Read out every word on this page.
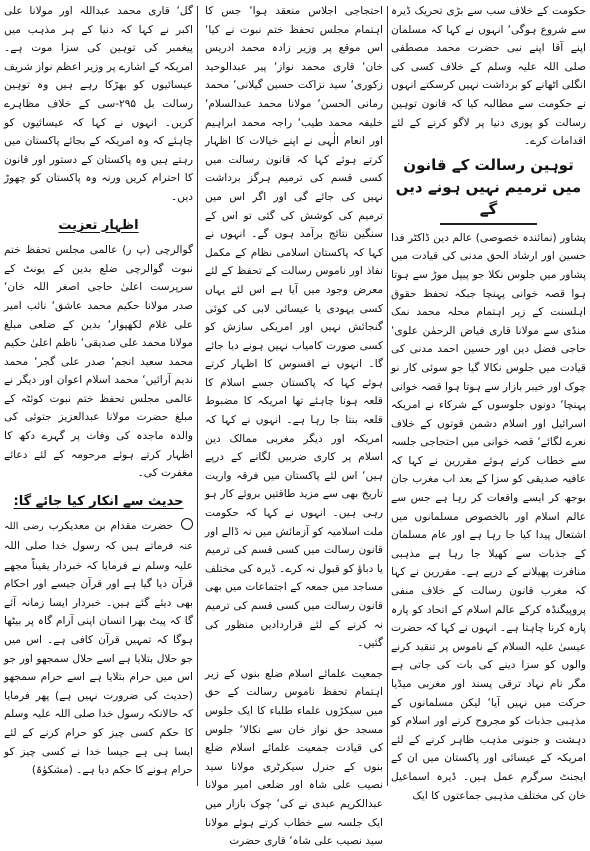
حکومت کے خلاف سب سے بڑی تحریک ڈیرہ سے شروع ہوگی‘ انہوں نے کہا کہ مسلمان اپنے آقا اپنے نبی حضرت محمد مصطفی صلی اللہ علیہ وسلم کے خلاف کسی کی انگلی اٹھانے کو برداشت نہیں کرسکتے انہوں نے حکومت سے مطالبہ کیا کہ قانون توہین رسالت کو پوری دنیا پر لاگو کرنے کے لئے اقدامات کرے۔

توہین رسالت کے قانون میں ترمیم نہیں ہونے دیں گے

پشاور (نمائندہ خصوصی) عالم دین ڈاکٹر فدا حسین اور ارشاد الحق مدنی کی قیادت میں پشاور میں جلوس نکلا جو پیپل موڑ سے ہوتا ہوا قصہ خوانی پہنچا جبکہ تحفظ حقوق اہلسنت کے زیر اہتمام محلہ محمد نمک منڈی سے مولانا قاری فیاض الرحمٰن علوی‘ حاجی فضل دین اور حسین احمد مدنی کی قیادت میں جلوس نکالا گیا جو سوئی کار نو چوک اور خیبر بازار سے ہوتا ہوا قصہ خوانی پہنچا‘ دونوں جلوسوں کے شرکاء نے امریکہ اسرائیل اور اسلام دشمن قوتوں کے خلاف نعرے لگائے‘ قصہ خوانی میں احتجاجی جلسہ سے خطاب کرتے ہوئے مقررین نے کہا کہ عافیہ صدیقی کو سزا کے بعد اب مغرب جان بوجھ کر ایسے واقعات کر رہا ہے جس سے عالم اسلام اور بالخصوص مسلمانوں میں اشتعال پیدا کیا جا رہا ہے اور عام مسلمان کے جذبات سے کھیلا جا رہا ہے مذہبی منافرت پھیلانے کے درپے ہے۔ مقررین نے کہا کہ مغرب قانون رسالت کے خلاف منفی پروپیگنڈہ کرکے عالم اسلام کے اتحاد کو پارہ پارہ کرنا چاہتا ہے۔ انہوں نے کہا کہ حضرت عیسیٰ علیہ السلام کے ناموس پر تنقید کرنے والوں کو سزا دینے کی بات کی جاتی ہے مگر نام نہاد ترقی پسند اور مغربی میڈیا حرکت میں نہیں آیا‘ لیکن مسلمانوں کے مذہبی جذبات کو مجروح کرنے اور اسلام کو دہشت و جنونی مذہب ظاہر کرنے کے لئے امریکہ کے عیسائی اور پاکستان میں ان کے ایجنٹ سرگرم عمل ہیں۔ ڈیرہ اسماعیل خان کی مختلف مذہبی جماعتوں کا ایک

احتجاجی اجلاس منعقد ہوا‘ جس کا اہتمام مجلس تحفظ ختم نبوت نے کیا‘ اس موقع پر وزیر زادہ محمد ادریس خان‘ قاری محمد نواز‘ پیر عبدالوحید زکوری‘ سید نزاکت حسین گیلانی‘ محمد رمانی الحسن‘ مولانا محمد عبدالسلام‘ خلیفہ محمد طیب‘ راجہ محمد ابراہیم اور انعام الٰہی نے اپنے خیالات کا اظہار کرتے ہوئے کہا کہ قانون رسالت میں کسی قسم کی ترمیم ہرگز برداشت نہیں کی جائے گی اور اگر اس میں ترمیم کی کوشش کی گئی تو اس کے سنگین نتائج برآمد ہوں گے۔ انہوں نے کہا کہ پاکستان اسلامی نظام کے مکمل نفاذ اور ناموس رسالت کے تحفظ کے لئے معرض وجود میں آیا ہے اس لئے یہاں کسی یہودی یا عیسائی لابی کی کوئی گنجائش نہیں اور امریکی سازش کو کسی صورت کامیاب نہیں ہونے دیا جائے گا۔ انہوں نے افسوس کا اظہار کرتے ہوئے کہا کہ پاکستان جسے اسلام کا قلعہ ہونا چاہئے تھا امریکہ کا مضبوط قلعہ بنتا جا رہا ہے۔ انہوں نے کہا کہ امریکہ اور دیگر مغربی ممالک دین اسلام پر کاری ضربیں لگانے کے درپے ہیں‘ اس لئے پاکستان میں فرقہ واریت تاریخ بھی سے مزید طاقتیں بروئے کار ہو رہی ہیں۔ انہوں نے کہا کہ حکومت ملت اسلامیہ کو آزمائش میں نہ ڈالے اور قانون رسالت میں کسی قسم کی ترمیم یا دباؤ کو قبول نہ کرے۔ ڈیرہ کی مختلف مساجد میں جمعہ کے اجتماعات میں بھی قانون رسالت میں کسی قسم کی ترمیم نہ کرنے کے لئے قراردادیں منظور کی گئیں۔

جمعیت علمائے اسلام ضلع بنوں کے زیر اہتمام تحفظ ناموس رسالت کے حق میں سیکڑوں علماء طلباء کا ایک جلوس مسجد حق نواز خان سے نکالا‘ جلوس کی قیادت جمعیت علمائے اسلام ضلع بنوں کے جنرل سیکرٹری مولانا سید نصیب علی شاہ اور ضلعی امیر مولانا عبدالکریم عبدی نے کی‘ چوک بازار میں ایک جلسہ سے خطاب کرتے ہوئے مولانا سید نصیب علی شاہ‘ قاری حضرت

گل‘ قاری محمد عبداللہ اور مولانا علی اکبر نے کہا کہ دنیا کے ہر مذہب میں پیغمبر کی توہین کی سزا موت ہے۔ امریکہ کے اشارے پر وزیر اعظم نواز شریف عیسائیوں کو بھڑکا رہے ہیں وہ توہین رسالت بل ۲۹۵-سی کے خلاف مظاہرے کریں۔ انہوں نے کہا کہ عیسائیوں کو چاہئے کہ وہ امریکہ کے بجائے پاکستان میں رہتے ہیں وہ پاکستان کے دستور اور قانون کا احترام کریں ورنہ وہ پاکستان کو چھوڑ دیں۔

اظہار تعزیت

گوالرچی (پ ر) عالمی مجلس تحفظ ختم نبوت گوالرچی ضلع بدین کے یونٹ کے سرپرست اعلیٰ حاجی اصغر اللہ خان‘ صدر مولانا حکیم محمد عاشق‘ نائب امیر علی غلام لکھپوار‘ بدین کے ضلعی مبلغ مولانا محمد علی صدیقی‘ ناظم اعلیٰ حکیم محمد سعید انجم‘ صدر علی گجر‘ محمد ندیم آرائیں‘ محمد اسلام اعوان اور دیگر نے عالمی مجلس تحفظ ختم نبوت کوئٹہ کے مبلغ حضرت مولانا عبدالعزیز جتوئی کی والدہ ماجدہ کی وفات پر گہرے دکھ کا اظہار کرتے ہوئے مرحومہ کے لئے دعائے مغفرت کی۔

حدیث سے انکار کیا جائے گا:

حضرت مقدام بن معدیکرب رضی اللہ عنہ فرماتے ہیں کہ رسول خدا صلی اللہ علیہ وسلم نے فرمایا کہ خبردار یقیناً مجھے قرآن دیا گیا ہے اور قرآن جیسے اور احکام بھی دیئے گئے ہیں۔ خبردار ایسا زمانہ آئے گا کہ پیٹ بھرا انسان اپنی آرام گاہ پر بیٹھا ہوگا کہ تمہیں قرآن کافی ہے۔ اس میں جو حلال بتلایا ہے اسے حلال سمجھو اور جو اس میں حرام بتلایا ہے اسے حرام سمجھو (حدیث کی ضرورت نہیں ہے) پھر فرمایا کہ حالانکہ رسول خدا صلی اللہ علیہ وسلم کا حکم کسی چیز کو حرام کرنے کے لئے ایسا ہی ہے جیسا خدا نے کسی چیز کو حرام ہونے کا حکم دیا ہے۔ (مشکوٰۃ)
